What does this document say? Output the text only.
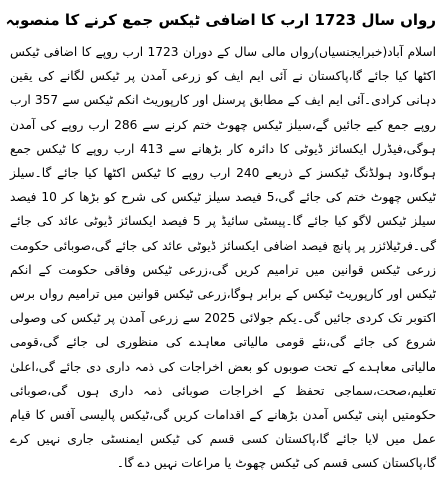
رواں سال 1723 ارب کا اضافی ٹیکس جمع کرنے کا منصوبہ

اسلام آباد(خبرایجنسیاں)رواں مالی سال کے دوران 1723 ارب روپے کا اضافی ٹیکس اکٹھا کیا جائے گا،پاکستان نے آئی ایم ایف کو زرعی آمدن پر ٹیکس لگانے کی یقین دہانی کرادی۔آئی ایم ایف کے مطابق پرسنل اور کارپوریٹ انکم ٹیکس سے 357 ارب روپے جمع کیے جائیں گے،سیلز ٹیکس چھوٹ ختم کرنے سے 286 ارب روپے کی آمدن ہوگی،فیڈرل ایکسائز ڈیوٹی کا دائرہ کار بڑھانے سے 413 ارب روپے کا ٹیکس جمع ہوگا،ود ہولڈنگ ٹیکسز کے ذریعے 240 ارب روپے کا ٹیکس اکٹھا کیا جائے گا۔سیلز ٹیکس چھوٹ ختم کی جائے گی،5 فیصد سیلز ٹیکس کی شرح کو بڑھا کر 10 فیصد سیلز ٹیکس لاگو کیا جائے گا۔پیسٹی سائیڈ پر 5 فیصد ایکسائز ڈیوٹی عائد کی جائے گی۔فرٹیلائزر پر پانچ فیصد اضافی ایکسائز ڈیوٹی عائد کی جائے گی،صوبائی حکومت زرعی ٹیکس قوانین میں ترامیم کریں گی،زرعی ٹیکس وفاقی حکومت کے انکم ٹیکس اور کارپوریٹ ٹیکس کے برابر ہوگا،زرعی ٹیکس قوانین میں ترامیم رواں برس اکتوبر تک کردی جائیں گی۔یکم جولائی 2025 سے زرعی آمدن پر ٹیکس کی وصولی شروع کی جائے گی،نئے قومی مالیاتی معاہدے کی منظوری لی جائے گی،قومی مالیاتی معاہدے کے تحت صوبوں کو بعض اخراجات کی ذمہ داری دی جائے گی،اعلیٰ تعلیم،صحت،سماجی تحفظ کے اخراجات صوبائی ذمہ داری ہوں گی،صوبائی حکومتیں اپنی ٹیکس آمدن بڑھانے کے اقدامات کریں گی،ٹیکس پالیسی آفس کا قیام عمل میں لایا جائے گا،پاکستان کسی قسم کی ٹیکس ایمنسٹی جاری نہیں کرے گا،پاکستان کسی قسم کی ٹیکس چھوٹ یا مراعات نہیں دے گا۔
